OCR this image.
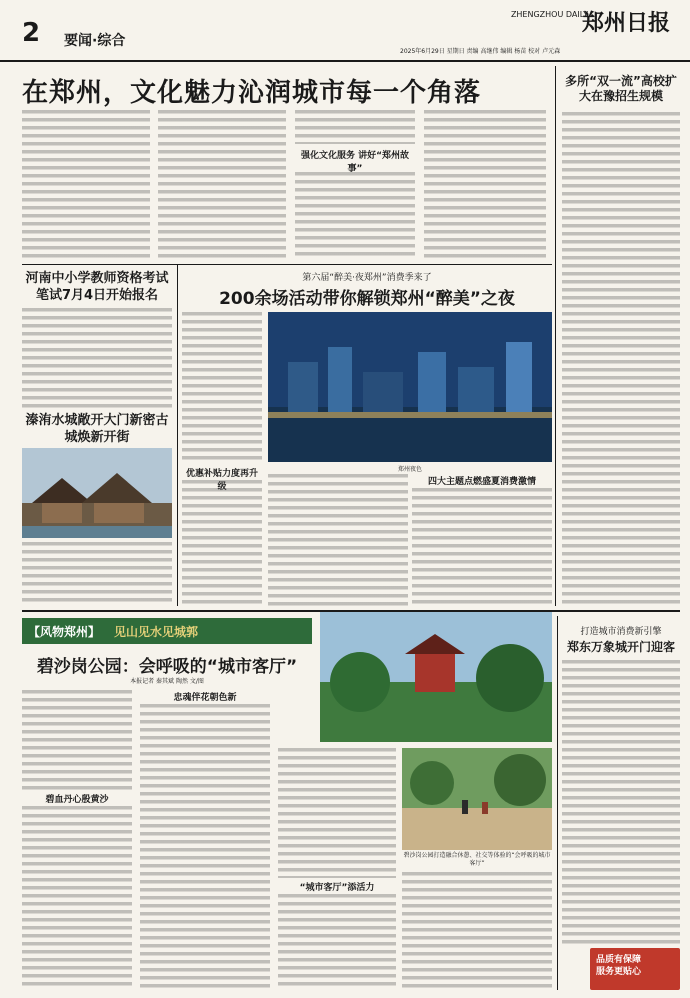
2 要闻·综合
ZHENGZHOU DAILY
郑州日报
2025年6月29日 星期日 责编 高继伟 编辑 杨苗 校对 卢元森
在郑州，文化魅力沁润城市每一个角落
强化文化服务 讲好“郑州故事”
多所“双一流”高校扩大在豫招生规模
河南中小学教师资格考试笔试7月4日开始报名
溱洧水城敞开大门新密古城焕新开街
第六届“醉美·夜郑州”消费季来了
200余场活动带你解锁郑州“醉美”之夜
优惠补贴力度再升级
郑州夜色
四大主题点燃盛夏消费激情
【风物郑州】 见山见水见城郭
碧沙岗公园：会呼吸的“城市客厅”
本报记者 秦其斌 陶然 文/图
碧血丹心殷黄沙
忠魂伴花朝色新
“城市客厅”添活力
碧沙岗公园打造融合休憩、社交等体验的“会呼吸的城市客厅”
打造城市消费新引擎
郑东万象城开门迎客
品质有保障
服务更贴心
